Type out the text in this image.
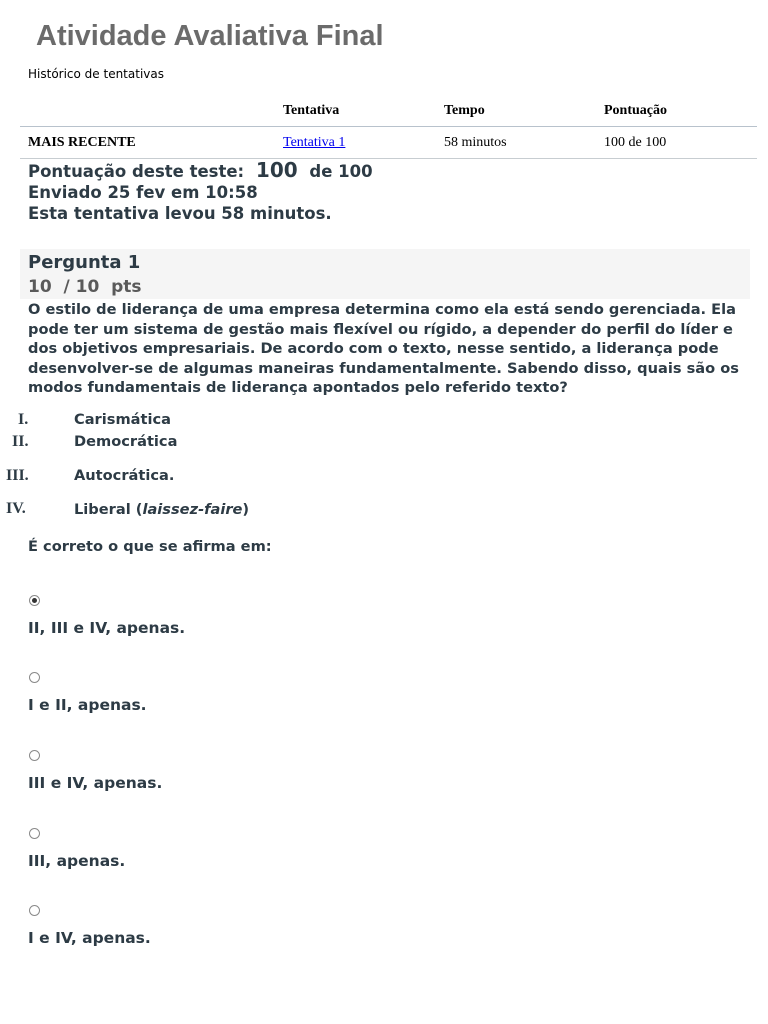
Atividade Avaliativa Final
Histórico de tentativas
	Tentativa	Tempo	Pontuação
MAIS RECENTE	Tentativa 1	58 minutos	100 de 100
Pontuação deste teste: 100 de 100
Enviado 25 fev em 10:58
Esta tentativa levou 58 minutos.
Pergunta 1
10  / 10  pts
O estilo de liderança de uma empresa determina como ela está sendo gerenciada. Ela pode ter um sistema de gestão mais flexível ou rígido, a depender do perfil do líder e dos objetivos empresariais. De acordo com o texto, nesse sentido, a liderança pode desenvolver-se de algumas maneiras fundamentalmente. Sabendo disso, quais são os modos fundamentais de liderança apontados pelo referido texto?
I.	Carismática
II.	Democrática
III.	Autocrática.
IV.	Liberal (laissez-faire)
É correto o que se afirma em:
II, III e IV, apenas.
I e II, apenas.
III e IV, apenas.
III, apenas.
I e IV, apenas.
